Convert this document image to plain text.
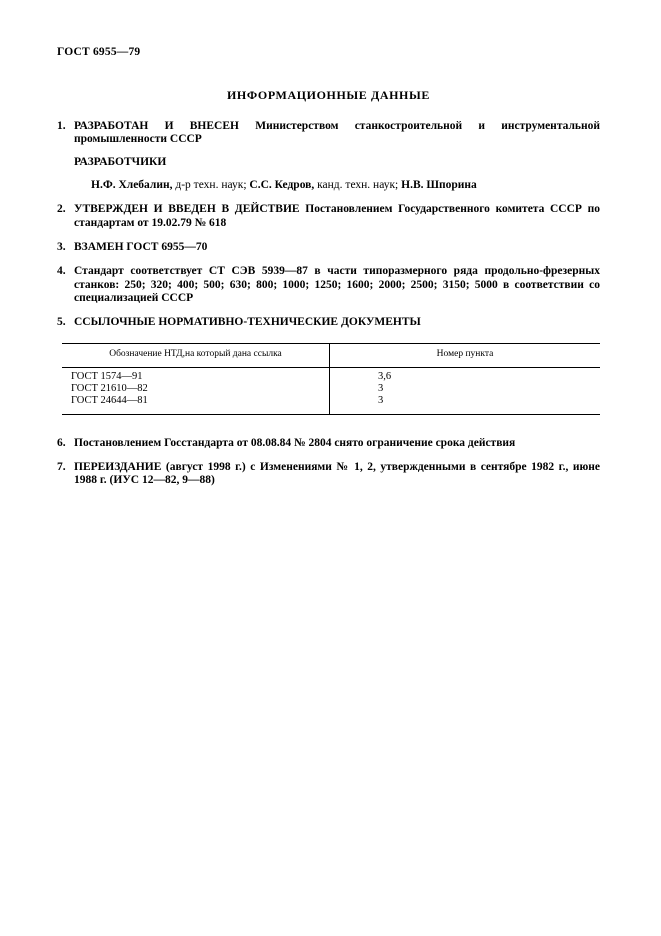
ГОСТ 6955—79
ИНФОРМАЦИОННЫЕ ДАННЫЕ
1. РАЗРАБОТАН И ВНЕСЕН Министерством станкостроительной и инструментальной промышленности СССР
РАЗРАБОТЧИКИ
Н.Ф. Хлебалин, д-р техн. наук; С.С. Кедров, канд. техн. наук; Н.В. Шпорина
2. УТВЕРЖДЕН И ВВЕДЕН В ДЕЙСТВИЕ Постановлением Государственного комитета СССР по стандартам от 19.02.79 № 618
3. ВЗАМЕН ГОСТ 6955—70
4. Стандарт соответствует СТ СЭВ 5939—87 в части типоразмерного ряда продольно-фрезерных станков: 250; 320; 400; 500; 630; 800; 1000; 1250; 1600; 2000; 2500; 3150; 5000 в соответствии со специализацией СССР
5. ССЫЛОЧНЫЕ НОРМАТИВНО-ТЕХНИЧЕСКИЕ ДОКУМЕНТЫ
Обозначение НТД,на который дана ссылка	Номер пункта
ГОСТ 1574—91
ГОСТ 21610—82
ГОСТ 24644—81
3,6
3
3
6. Постановлением Госстандарта от 08.08.84 № 2804 снято ограничение срока действия
7. ПЕРЕИЗДАНИЕ (август 1998 г.) с Изменениями № 1, 2, утвержденными в сентябре 1982 г., июне 1988 г. (ИУС 12—82, 9—88)
